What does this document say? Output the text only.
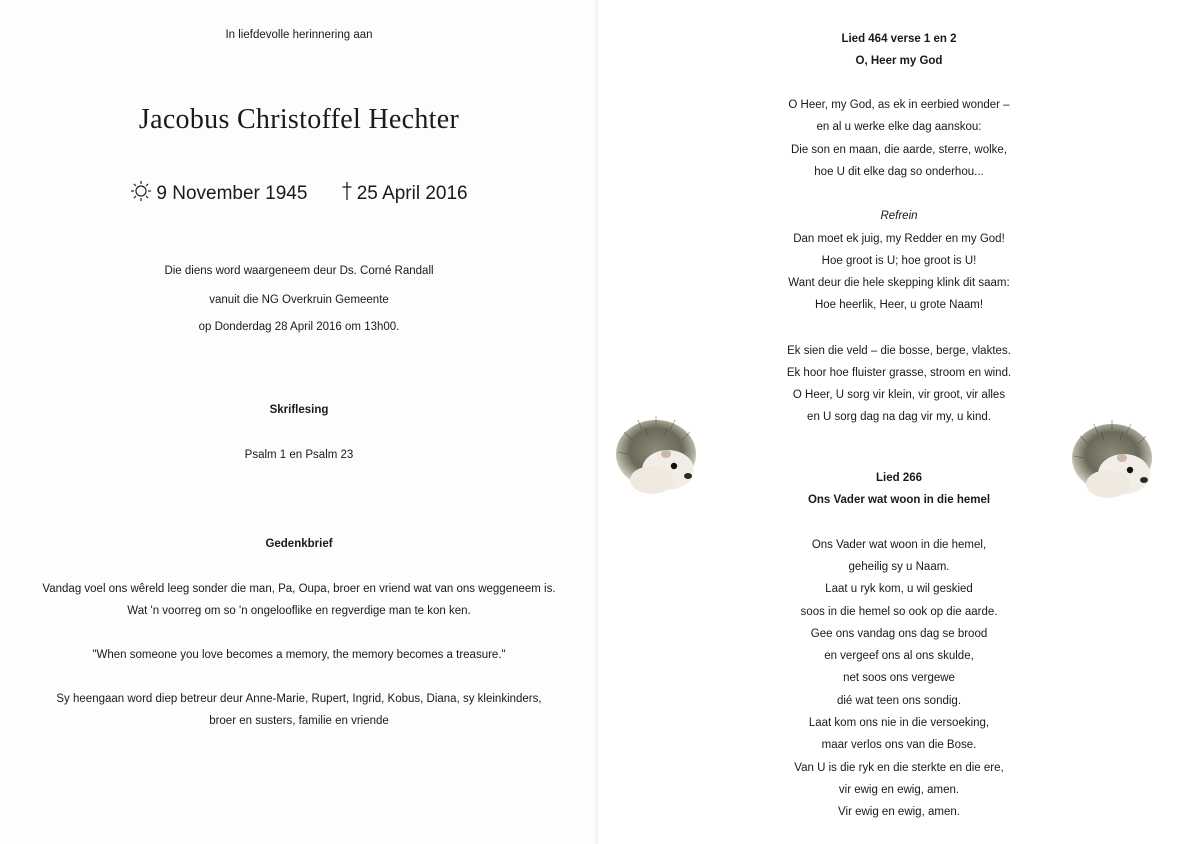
In liefdevolle herinnering aan
Jacobus Christoffel Hechter
9 November 1945	25 April 2016
Die diens word waargeneem deur Ds. Corné Randall
vanuit die NG Overkruin Gemeente
op Donderdag 28 April 2016 om 13h00.
Skriflesing
Psalm 1 en Psalm 23
Gedenkbrief
Vandag voel ons wêreld leeg sonder die man, Pa, Oupa, broer en vriend wat van ons weggeneem is.
Wat 'n voorreg om so 'n ongelooflike en regverdige man te kon ken.
"When someone you love becomes a memory, the memory becomes a treasure."
Sy heengaan word diep betreur deur Anne-Marie, Rupert, Ingrid, Kobus, Diana, sy kleinkinders,
broer en susters, familie en vriende
Lied 464 verse 1 en 2
O, Heer my God
O Heer, my God, as ek in eerbied wonder –
en al u werke elke dag aanskou:
Die son en maan, die aarde, sterre, wolke,
hoe U dit elke dag so onderhou...
Refrein
Dan moet ek juig, my Redder en my God!
Hoe groot is U; hoe groot is U!
Want deur die hele skepping klink dit saam:
Hoe heerlik, Heer, u grote Naam!
Ek sien die veld – die bosse, berge, vlaktes.
Ek hoor hoe fluister grasse, stroom en wind.
O Heer, U sorg vir klein, vir groot, vir alles
en U sorg dag na dag vir my, u kind.
Lied 266
Ons Vader wat woon in die hemel
Ons Vader wat woon in die hemel,
geheilig sy u Naam.
Laat u ryk kom, u wil geskied
soos in die hemel so ook op die aarde.
Gee ons vandag ons dag se brood
en vergeef ons al ons skulde,
net soos ons vergewe
dié wat teen ons sondig.
Laat kom ons nie in die versoeking,
maar verlos ons van die Bose.
Van U is die ryk en die sterkte en die ere,
vir ewig en ewig, amen.
Vir ewig en ewig, amen.
